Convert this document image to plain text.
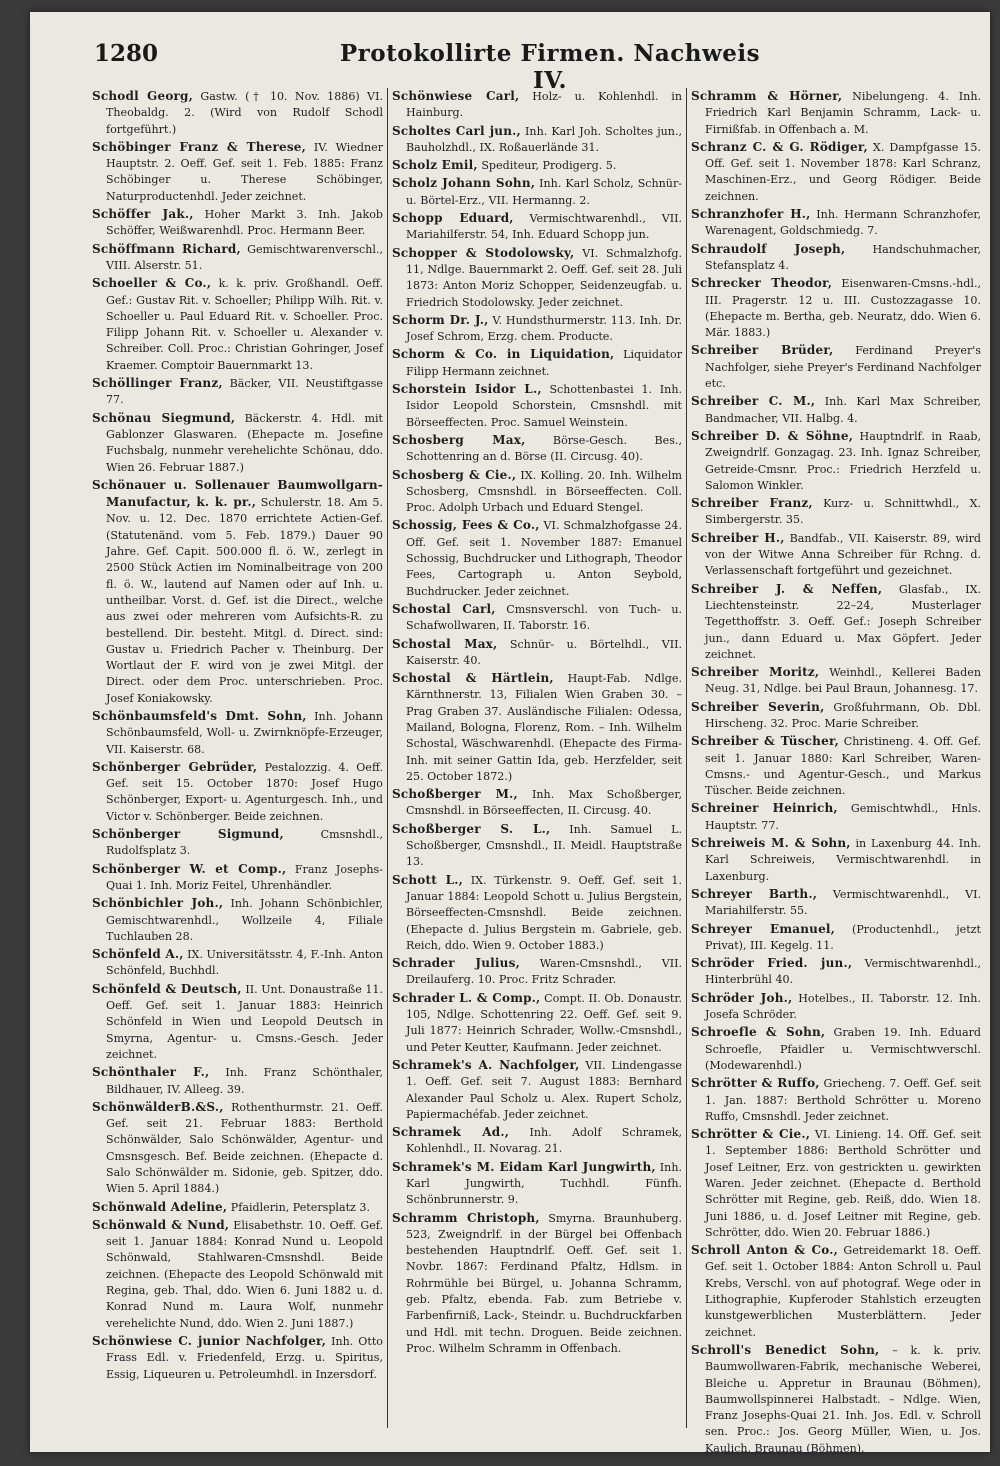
1280	Protokollirte Firmen. Nachweis IV.

Schodl Georg, Gastw. († 10. Nov. 1886) VI. Theobaldg. 2. (Wird von Rudolf Schodl fortgeführt.)

Schöbinger Franz & Therese, IV. Wiedner Hauptstr. 2. Oeff. Gef. seit 1. Feb. 1885: Franz Schöbinger u. Therese Schöbinger, Naturproductenhdl. Jeder zeichnet.

Schöffer Jak., Hoher Markt 3. Inh. Jakob Schöffer, Weißwarenhdl. Proc. Hermann Beer.

Schöffmann Richard, Gemischtwarenverschl., VIII. Alserstr. 51.

Schoeller & Co., k. k. priv. Großhandl. Oeff. Gef.: Gustav Rit. v. Schoeller; Philipp Wilh. Rit. v. Schoeller u. Paul Eduard Rit. v. Schoeller. Proc. Filipp Johann Rit. v. Schoeller u. Alexander v. Schreiber. Coll. Proc.: Christian Gohringer, Josef Kraemer. Comptoir Bauernmarkt 13.

Schöllinger Franz, Bäcker, VII. Neustiftgasse 77.

Schönau Siegmund, Bäckerstr. 4. Hdl. mit Gablonzer Glaswaren. (Ehepacte m. Josefine Fuchsbalg, nunmehr verehelichte Schönau, ddo. Wien 26. Februar 1887.)

Schönauer u. Sollenauer Baumwollgarn-Manufactur, k. k. pr., Schulerstr. 18. Am 5. Nov. u. 12. Dec. 1870 errichtete Actien-Gef. (Statutenänd. vom 5. Feb. 1879.) Dauer 90 Jahre. Gef. Capit. 500.000 fl. ö. W., zerlegt in 2500 Stück Actien im Nominalbeitrage von 200 fl. ö. W., lautend auf Namen oder auf Inh. u. untheilbar. Vorst. d. Gef. ist die Direct., welche aus zwei oder mehreren vom Aufsichts-R. zu bestellend. Dir. besteht. Mitgl. d. Direct. sind: Gustav u. Friedrich Pacher v. Theinburg. Der Wortlaut der F. wird von je zwei Mitgl. der Direct. oder dem Proc. unterschrieben. Proc. Josef Koniakowsky.

Schönbaumsfeld's Dmt. Sohn, Inh. Johann Schönbaumsfeld, Woll- u. Zwirnknöpfe-Erzeuger, VII. Kaiserstr. 68.

Schönberger Gebrüder, Pestalozzig. 4. Oeff. Gef. seit 15. October 1870: Josef Hugo Schönberger, Export- u. Agenturgesch. Inh., und Victor v. Schönberger. Beide zeichnen.

Schönberger Sigmund, Cmsnshdl., Rudolfsplatz 3.

Schönberger W. et Comp., Franz Josephs-Quai 1. Inh. Moriz Feitel, Uhrenhändler.

Schönbichler Joh., Inh. Johann Schönbichler, Gemischtwarenhdl., Wollzeile 4, Filiale Tuchlauben 28.

Schönfeld A., IX. Universitätsstr. 4, F.-Inh. Anton Schönfeld, Buchhdl.

Schönfeld & Deutsch, II. Unt. Donaustraße 11. Oeff. Gef. seit 1. Januar 1883: Heinrich Schönfeld in Wien und Leopold Deutsch in Smyrna, Agentur- u. Cmsns.-Gesch. Jeder zeichnet.

Schönthaler F., Inh. Franz Schönthaler, Bildhauer, IV. Alleeg. 39.

SchönwälderB.&S., Rothenthurmstr. 21. Oeff. Gef. seit 21. Februar 1883: Berthold Schönwälder, Salo Schönwälder, Agentur- und Cmsnsgesch. Bef. Beide zeichnen. (Ehepacte d. Salo Schönwälder m. Sidonie, geb. Spitzer, ddo. Wien 5. April 1884.)

Schönwald Adeline, Pfaidlerin, Petersplatz 3.

Schönwald & Nund, Elisabethstr. 10. Oeff. Gef. seit 1. Januar 1884: Konrad Nund u. Leopold Schönwald, Stahlwaren-Cmsnshdl. Beide zeichnen. (Ehepacte des Leopold Schönwald mit Regina, geb. Thal, ddo. Wien 6. Juni 1882 u. d. Konrad Nund m. Laura Wolf, nunmehr verehelichte Nund, ddo. Wien 2. Juni 1887.)

Schönwiese C. junior Nachfolger, Inh. Otto Frass Edl. v. Friedenfeld, Erzg. u. Spiritus, Essig, Liqueuren u. Petroleumhdl. in Inzersdorf.

Schönwiese Carl, Holz- u. Kohlenhdl. in Hainburg.

Scholtes Carl jun., Inh. Karl Joh. Scholtes jun., Bauholzhdl., IX. Roßauerlände 31.

Scholz Emil, Spediteur, Prodigerg. 5.

Scholz Johann Sohn, Inh. Karl Scholz, Schnür- u. Börtel-Erz., VII. Hermanng. 2.

Schopp Eduard, Vermischtwarenhdl., VII. Mariahilferstr. 54, Inh. Eduard Schopp jun.

Schopper & Stodolowsky, VI. Schmalzhofg. 11, Ndlge. Bauernmarkt 2. Oeff. Gef. seit 28. Juli 1873: Anton Moriz Schopper, Seidenzeugfab. u. Friedrich Stodolowsky. Jeder zeichnet.

Schorm Dr. J., V. Hundsthurmerstr. 113. Inh. Dr. Josef Schrom, Erzg. chem. Producte.

Schorm & Co. in Liquidation, Liquidator Filipp Hermann zeichnet.

Schorstein Isidor L., Schottenbastei 1. Inh. Isidor Leopold Schorstein, Cmsnshdl. mit Börseeffecten. Proc. Samuel Weinstein.

Schosberg Max, Börse-Gesch. Bes., Schottenring an d. Börse (II. Circusg. 40).

Schosberg & Cie., IX. Kolling. 20. Inh. Wilhelm Schosberg, Cmsnshdl. in Börseeffecten. Coll. Proc. Adolph Urbach und Eduard Stengel.

Schossig, Fees & Co., VI. Schmalzhofgasse 24. Off. Gef. seit 1. November 1887: Emanuel Schossig, Buchdrucker und Lithograph, Theodor Fees, Cartograph u. Anton Seybold, Buchdrucker. Jeder zeichnet.

Schostal Carl, Cmsnsverschl. von Tuch- u. Schafwollwaren, II. Taborstr. 16.

Schostal Max, Schnür- u. Börtelhdl., VII. Kaiserstr. 40.

Schostal & Härtlein, Haupt-Fab. Ndlge. Kärnthnerstr. 13, Filialen Wien Graben 30. – Prag Graben 37. Ausländische Filialen: Odessa, Mailand, Bologna, Florenz, Rom. – Inh. Wilhelm Schostal, Wäschwarenhdl. (Ehepacte des Firma-Inh. mit seiner Gattin Ida, geb. Herzfelder, seit 25. October 1872.)

Schoßberger M., Inh. Max Schoßberger, Cmsnshdl. in Börseeffecten, II. Circusg. 40.

Schoßberger S. L., Inh. Samuel L. Schoßberger, Cmsnshdl., II. Meidl. Hauptstraße 13.

Schott L., IX. Türkenstr. 9. Oeff. Gef. seit 1. Januar 1884: Leopold Schott u. Julius Bergstein, Börseeffecten-Cmsnshdl. Beide zeichnen. (Ehepacte d. Julius Bergstein m. Gabriele, geb. Reich, ddo. Wien 9. October 1883.)

Schrader Julius, Waren-Cmsnshdl., VII. Dreilauferg. 10. Proc. Fritz Schrader.

Schrader L. & Comp., Compt. II. Ob. Donaustr. 105, Ndlge. Schottenring 22. Oeff. Gef. seit 9. Juli 1877: Heinrich Schrader, Wollw.-Cmsnshdl., und Peter Keutter, Kaufmann. Jeder zeichnet.

Schramek's A. Nachfolger, VII. Lindengasse 1. Oeff. Gef. seit 7. August 1883: Bernhard Alexander Paul Scholz u. Alex. Rupert Scholz, Papiermachéfab. Jeder zeichnet.

Schramek Ad., Inh. Adolf Schramek, Kohlenhdl., II. Novarag. 21.

Schramek's M. Eidam Karl Jungwirth, Inh. Karl Jungwirth, Tuchhdl. Fünfh. Schönbrunnerstr. 9.

Schramm Christoph, Smyrna. Braunhuberg. 523, Zweigndrlf. in der Bürgel bei Offenbach bestehenden Hauptndrlf. Oeff. Gef. seit 1. Novbr. 1867: Ferdinand Pfaltz, Hdlsm. in Rohrmühle bei Bürgel, u. Johanna Schramm, geb. Pfaltz, ebenda. Fab. zum Betriebe v. Farbenfirniß, Lack-, Steindr. u. Buchdruckfarben und Hdl. mit techn. Droguen. Beide zeichnen. Proc. Wilhelm Schramm in Offenbach.

Schramm & Hörner, Nibelungeng. 4. Inh. Friedrich Karl Benjamin Schramm, Lack- u. Firnißfab. in Offenbach a. M.

Schranz C. & G. Rödiger, X. Dampfgasse 15. Off. Gef. seit 1. November 1878: Karl Schranz, Maschinen-Erz., und Georg Rödiger. Beide zeichnen.

Schranzhofer H., Inh. Hermann Schranzhofer, Warenagent, Goldschmiedg. 7.

Schraudolf Joseph, Handschuhmacher, Stefansplatz 4.

Schrecker Theodor, Eisenwaren-Cmsns.-hdl., III. Pragerstr. 12 u. III. Custozzagasse 10. (Ehepacte m. Bertha, geb. Neuratz, ddo. Wien 6. Mär. 1883.)

Schreiber Brüder, Ferdinand Preyer's Nachfolger, siehe Preyer's Ferdinand Nachfolger etc.

Schreiber C. M., Inh. Karl Max Schreiber, Bandmacher, VII. Halbg. 4.

Schreiber D. & Söhne, Hauptndrlf. in Raab, Zweigndrlf. Gonzagag. 23. Inh. Ignaz Schreiber, Getreide-Cmsnr. Proc.: Friedrich Herzfeld u. Salomon Winkler.

Schreiber Franz, Kurz- u. Schnittwhdl., X. Simbergerstr. 35.

Schreiber H., Bandfab., VII. Kaiserstr. 89, wird von der Witwe Anna Schreiber für Rchng. d. Verlassenschaft fortgeführt und gezeichnet.

Schreiber J. & Neffen, Glasfab., IX. Liechtensteinstr. 22–24, Musterlager Tegetthoffstr. 3. Oeff. Gef.: Joseph Schreiber jun., dann Eduard u. Max Göpfert. Jeder zeichnet.

Schreiber Moritz, Weinhdl., Kellerei Baden Neug. 31, Ndlge. bei Paul Braun, Johannesg. 17.

Schreiber Severin, Großfuhrmann, Ob. Dbl. Hirscheng. 32. Proc. Marie Schreiber.

Schreiber & Tüscher, Christineng. 4. Off. Gef. seit 1. Januar 1880: Karl Schreiber, Waren-Cmsns.- und Agentur-Gesch., und Markus Tüscher. Beide zeichnen.

Schreiner Heinrich, Gemischtwhdl., Hnls. Hauptstr. 77.

Schreiweis M. & Sohn, in Laxenburg 44. Inh. Karl Schreiweis, Vermischtwarenhdl. in Laxenburg.

Schreyer Barth., Vermischtwarenhdl., VI. Mariahilferstr. 55.

Schreyer Emanuel, (Productenhdl., jetzt Privat), III. Kegelg. 11.

Schröder Fried. jun., Vermischtwarenhdl., Hinterbrühl 40.

Schröder Joh., Hotelbes., II. Taborstr. 12. Inh. Josefa Schröder.

Schroefle & Sohn, Graben 19. Inh. Eduard Schroefle, Pfaidler u. Vermischtwverschl. (Modewarenhdl.)

Schrötter & Ruffo, Griecheng. 7. Oeff. Gef. seit 1. Jan. 1887: Berthold Schrötter u. Moreno Ruffo, Cmsnshdl. Jeder zeichnet.

Schrötter & Cie., VI. Linieng. 14. Off. Gef. seit 1. September 1886: Berthold Schrötter und Josef Leitner, Erz. von gestrickten u. gewirkten Waren. Jeder zeichnet. (Ehepacte d. Berthold Schrötter mit Regine, geb. Reiß, ddo. Wien 18. Juni 1886, u. d. Josef Leitner mit Regine, geb. Schrötter, ddo. Wien 20. Februar 1886.)

Schroll Anton & Co., Getreidemarkt 18. Oeff. Gef. seit 1. October 1884: Anton Schroll u. Paul Krebs, Verschl. von auf photograf. Wege oder in Lithographie, Kupferoder Stahlstich erzeugten kunstgewerblichen Musterblättern. Jeder zeichnet.

Schroll's Benedict Sohn, – k. k. priv. Baumwollwaren-Fabrik, mechanische Weberei, Bleiche u. Appretur in Braunau (Böhmen), Baumwollspinnerei Halbstadt. – Ndlge. Wien, Franz Josephs-Quai 21. Inh. Jos. Edl. v. Schroll sen. Proc.: Jos. Georg Müller, Wien, u. Jos. Kaulich, Braunau (Böhmen).
